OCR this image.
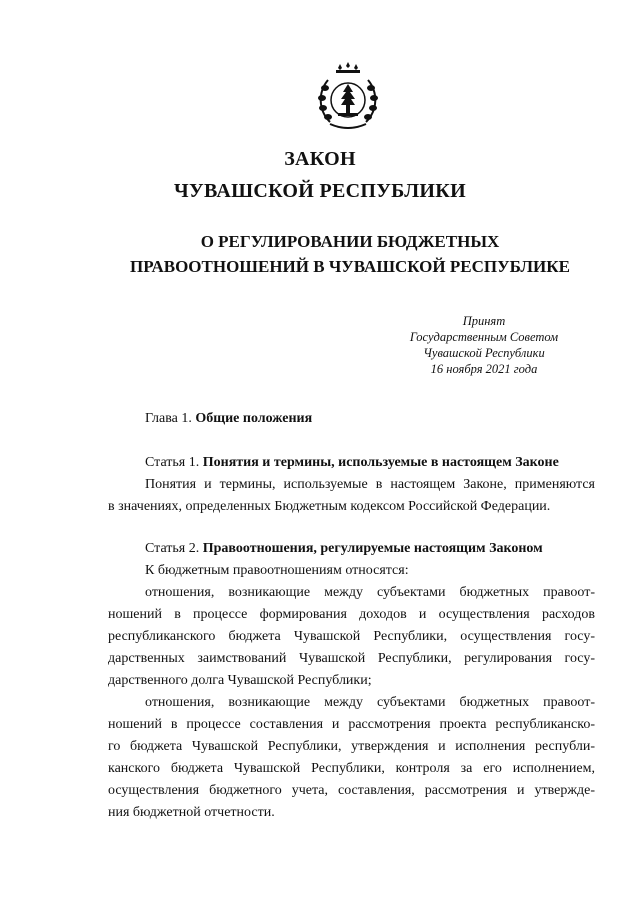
ЗАКОН
ЧУВАШСКОЙ РЕСПУБЛИКИ
О РЕГУЛИРОВАНИИ БЮДЖЕТНЫХ
ПРАВООТНОШЕНИЙ В ЧУВАШСКОЙ РЕСПУБЛИКЕ
Принят
Государственным Советом
Чувашской Республики
16 ноября 2021 года

Глава 1. Общие положения

Статья 1. Понятия и термины, используемые в настоящем Законе

Понятия и термины, используемые в настоящем Законе, применяются
в значениях, определенных Бюджетным кодексом Российской Федерации.

Статья 2. Правоотношения, регулируемые настоящим Законом

К бюджетным правоотношениям относятся:
отношения, возникающие между субъектами бюджетных правоот-
ношений в процессе формирования доходов и осуществления расходов
республиканского бюджета Чувашской Республики, осуществления госу-
дарственных заимствований Чувашской Республики, регулирования госу-
дарственного долга Чувашской Республики;
отношения, возникающие между субъектами бюджетных правоот-
ношений в процессе составления и рассмотрения проекта республиканско-
го бюджета Чувашской Республики, утверждения и исполнения республи-
канского бюджета Чувашской Республики, контроля за его исполнением,
осуществления бюджетного учета, составления, рассмотрения и утвержде-
ния бюджетной отчетности.
